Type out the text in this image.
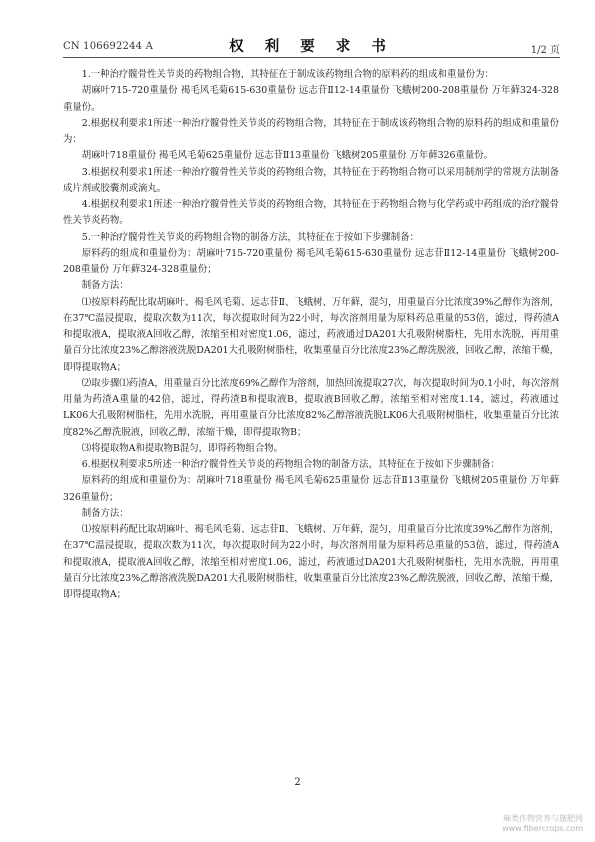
CN 106692244 A	权 利 要 求 书	1/2 页

1.一种治疗髋骨性关节炎的药物组合物，其特征在于制成该药物组合物的原料药的组成和重量份为：

胡麻叶715-720重量份 褐毛风毛菊615-630重量份 远志苷Ⅱ12-14重量份 飞蛾树200-208重量份 万年藓324-328重量份。

2.根据权利要求1所述一种治疗髋骨性关节炎的药物组合物，其特征在于制成该药物组合物的原料药的组成和重量份为：

胡麻叶718重量份 褐毛风毛菊625重量份 远志苷Ⅱ13重量份 飞蛾树205重量份 万年藓326重量份。

3.根据权利要求1所述一种治疗髋骨性关节炎的药物组合物，其特征在于药物组合物可以采用制剂学的常规方法制备成片剂或胶囊剂或滴丸。

4.根据权利要求1所述一种治疗髋骨性关节炎的药物组合物，其特征在于药物组合物与化学药或中药组成的治疗髋骨性关节炎药物。

5.一种治疗髋骨性关节炎的药物组合物的制备方法，其特征在于按如下步骤制备：

原料药的组成和重量份为：胡麻叶715-720重量份 褐毛风毛菊615-630重量份 远志苷Ⅱ12-14重量份 飞蛾树200-208重量份 万年藓324-328重量份；

制备方法：

⑴按原料药配比取胡麻叶、褐毛风毛菊、远志苷Ⅱ、飞蛾树、万年藓，混匀，用重量百分比浓度39%乙醇作为溶剂，在37℃温浸提取，提取次数为11次，每次提取时间为22小时，每次溶剂用量为原料药总重量的53倍，滤过，得药渣A和提取液A，提取液A回收乙醇，浓缩至相对密度1.06，滤过，药液通过DA201大孔吸附树脂柱，先用水洗脱，再用重量百分比浓度23%乙醇溶液洗脱DA201大孔吸附树脂柱，收集重量百分比浓度23%乙醇洗脱液，回收乙醇，浓缩干燥，即得提取物A；

⑵取步骤⑴药渣A，用重量百分比浓度69%乙醇作为溶剂，加热回流提取27次，每次提取时间为0.1小时，每次溶剂用量为药渣A重量的42倍，滤过，得药渣B和提取液B，提取液B回收乙醇，浓缩至相对密度1.14，滤过，药液通过LK06大孔吸附树脂柱，先用水洗脱，再用重量百分比浓度82%乙醇溶液洗脱LK06大孔吸附树脂柱，收集重量百分比浓度82%乙醇洗脱液，回收乙醇，浓缩干燥，即得提取物B；

⑶将提取物A和提取物B混匀，即得药物组合物。

6.根据权利要求5所述一种治疗髋骨性关节炎的药物组合物的制备方法，其特征在于按如下步骤制备：

原料药的组成和重量份为：胡麻叶718重量份 褐毛风毛菊625重量份 远志苷Ⅱ13重量份 飞蛾树205重量份 万年藓326重量份；

制备方法：

⑴按原料药配比取胡麻叶、褐毛风毛菊、远志苷Ⅱ、飞蛾树、万年藓，混匀，用重量百分比浓度39%乙醇作为溶剂，在37℃温浸提取，提取次数为11次，每次提取时间为22小时，每次溶剂用量为原料药总重量的53倍，滤过，得药渣A和提取液A，提取液A回收乙醇，浓缩至相对密度1.06，滤过，药液通过DA201大孔吸附树脂柱，先用水洗脱，再用重量百分比浓度23%乙醇溶液洗脱DA201大孔吸附树脂柱，收集重量百分比浓度23%乙醇洗脱液，回收乙醇，浓缩干燥，即得提取物A；

2
麻类作物营养与施肥网
www.fibercrops.com
